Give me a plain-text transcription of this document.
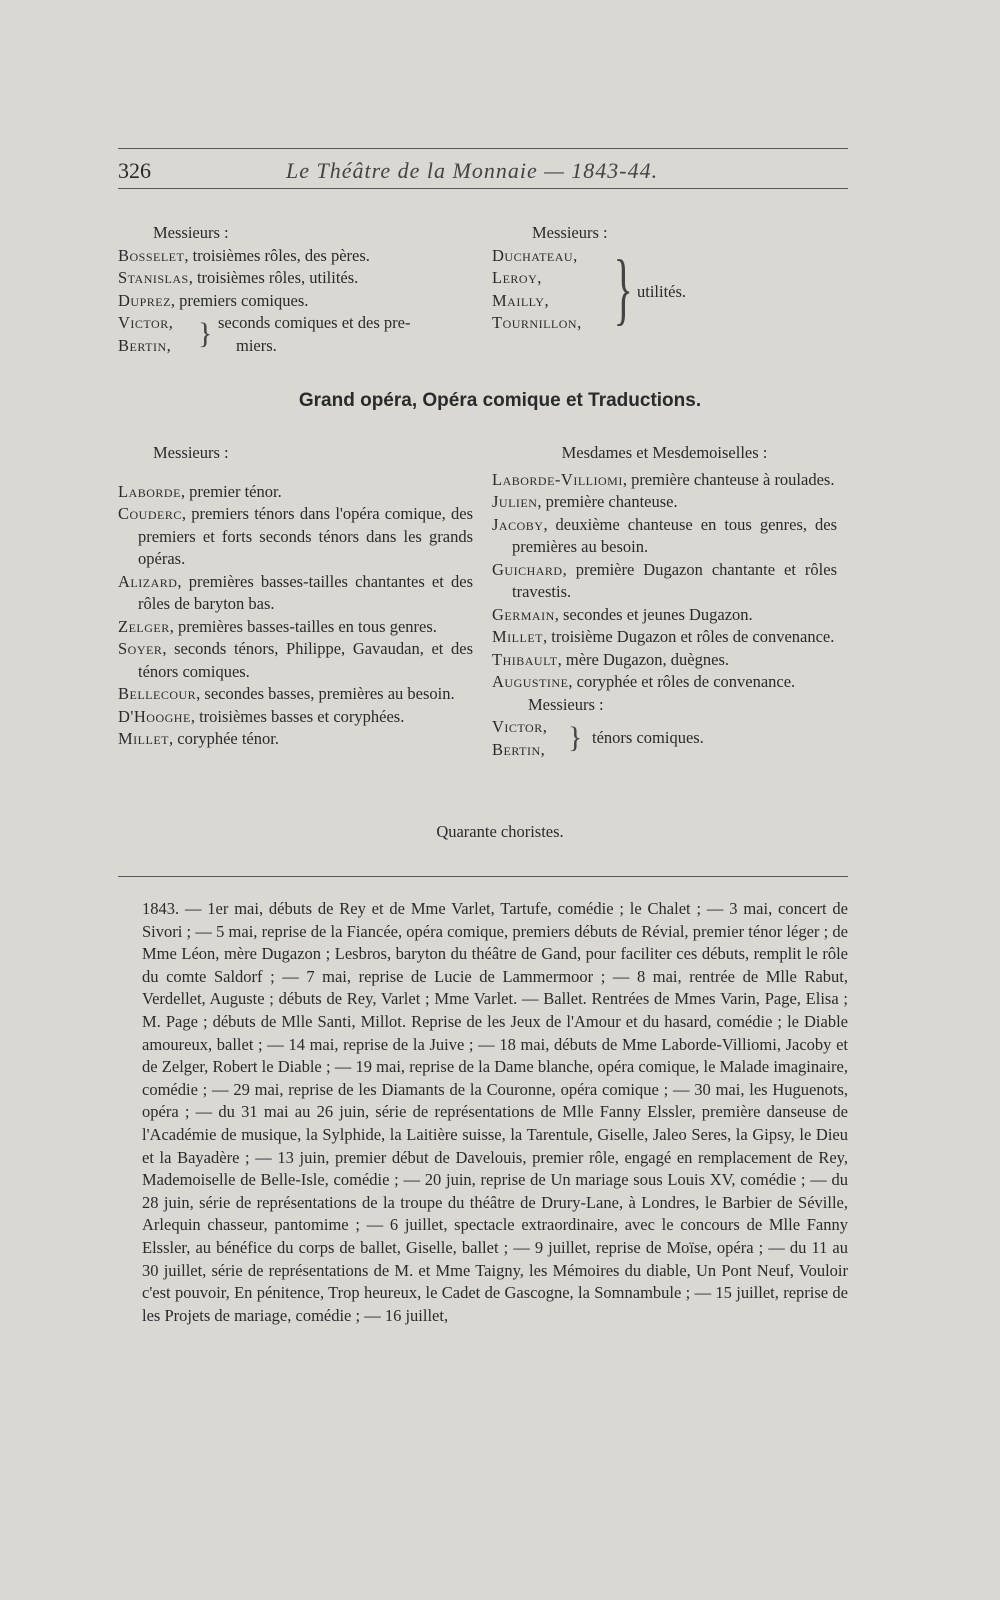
326	Le Théâtre de la Monnaie — 1843-44.

Messieurs :

Bosselet, troisièmes rôles, des pères.

Stanislas, troisièmes rôles, utilités.

Duprez, premiers comiques.

Victor,

Bertin, } seconds comiques et des pre-

miers.

Messieurs :

Duchateau,

Leroy,

Mailly,

Tournillon, } utilités.
Grand opéra, Opéra comique et Traductions.

Messieurs :

Laborde, premier ténor.

Couderc, premiers ténors dans l'opéra comique, des premiers et forts seconds ténors dans les grands opéras.

Alizard, premières basses-tailles chantantes et des rôles de baryton bas.

Zelger, premières basses-tailles en tous genres.

Soyer, seconds ténors, Philippe, Gavaudan, et des ténors comiques.

Bellecour, secondes basses, premières au besoin.

D'Hooghe, troisièmes basses et coryphées.

Millet, coryphée ténor.

Mesdames et Mesdemoiselles :

Laborde-Villiomi, première chanteuse à roulades.

Julien, première chanteuse.

Jacoby, deuxième chanteuse en tous genres, des premières au besoin.

Guichard, première Dugazon chantante et rôles travestis.

Germain, secondes et jeunes Dugazon.

Millet, troisième Dugazon et rôles de convenance.

Thibault, mère Dugazon, duègnes.

Augustine, coryphée et rôles de convenance.

Messieurs :

Victor,

Bertin, } ténors comiques.
Quarante choristes.

1843. — 1er mai, débuts de Rey et de Mme Varlet, Tartufe, comédie ; le Chalet ; — 3 mai, concert de Sivori ; — 5 mai, reprise de la Fiancée, opéra comique, premiers débuts de Révial, premier ténor léger ; de Mme Léon, mère Dugazon ; Lesbros, baryton du théâtre de Gand, pour faciliter ces débuts, remplit le rôle du comte Saldorf ; — 7 mai, reprise de Lucie de Lammermoor ; — 8 mai, rentrée de Mlle Rabut, Verdellet, Auguste ; débuts de Rey, Varlet ; Mme Varlet. — Ballet. Rentrées de Mmes Varin, Page, Elisa ; M. Page ; débuts de Mlle Santi, Millot. Reprise de les Jeux de l'Amour et du hasard, comédie ; le Diable amoureux, ballet ; — 14 mai, reprise de la Juive ; — 18 mai, débuts de Mme Laborde-Villiomi, Jacoby et de Zelger, Robert le Diable ; — 19 mai, reprise de la Dame blanche, opéra comique, le Malade imaginaire, comédie ; — 29 mai, reprise de les Diamants de la Couronne, opéra comique ; — 30 mai, les Huguenots, opéra ; — du 31 mai au 26 juin, série de représentations de Mlle Fanny Elssler, première danseuse de l'Académie de musique, la Sylphide, la Laitière suisse, la Tarentule, Giselle, Jaleo Seres, la Gipsy, le Dieu et la Bayadère ; — 13 juin, premier début de Davelouis, premier rôle, engagé en remplacement de Rey, Mademoiselle de Belle-Isle, comédie ; — 20 juin, reprise de Un mariage sous Louis XV, comédie ; — du 28 juin, série de représentations de la troupe du théâtre de Drury-Lane, à Londres, le Barbier de Séville, Arlequin chasseur, pantomime ; — 6 juillet, spectacle extraordinaire, avec le concours de Mlle Fanny Elssler, au bénéfice du corps de ballet, Giselle, ballet ; — 9 juillet, reprise de Moïse, opéra ; — du 11 au 30 juillet, série de représentations de M. et Mme Taigny, les Mémoires du diable, Un Pont Neuf, Vouloir c'est pouvoir, En pénitence, Trop heureux, le Cadet de Gascogne, la Somnambule ; — 15 juillet, reprise de les Projets de mariage, comédie ; — 16 juillet,
